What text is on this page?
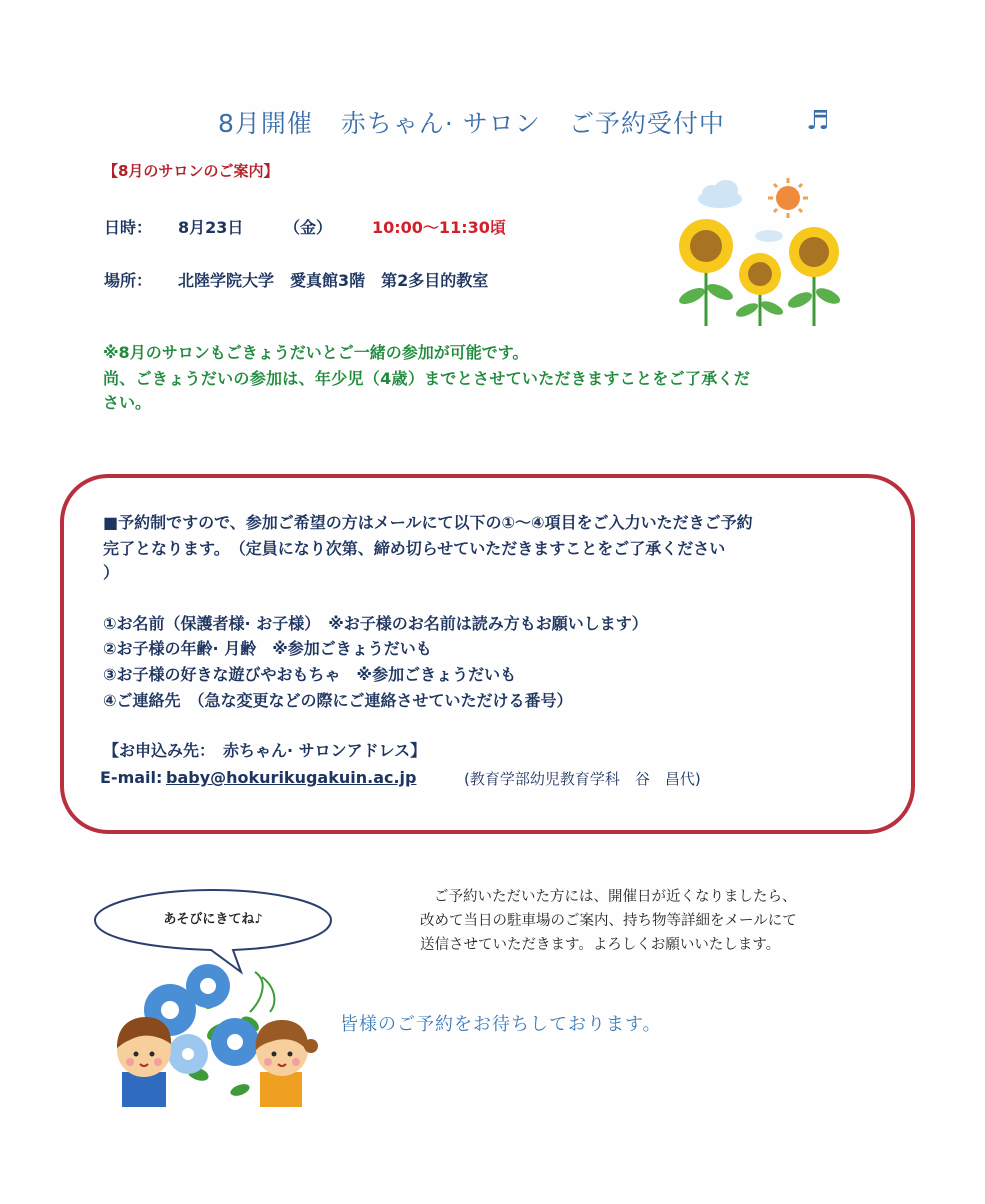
8月開催 赤ちゃん· サロン ご予約受付中	♬
【8月のサロンのご案内】
日時： 8月23日	（金） 10:00～11:30頃
場所： 北陸学院大学　愛真館3階　第2多目的教室
※8月のサロンもごきょうだいとご一緒の参加が可能です。
尚、ごきょうだいの参加は、年少児（4歳）までとさせていただきますことをご了承くだ
さい。
■予約制ですので、参加ご希望の方はメールにて以下の①～④項目をご入力いただきご予約
完了となります。　（定員になり次第、締め切らせていただきますことをご了承ください
）
①お名前（保護者様· お子様）　※お子様のお名前は読み方もお願いします）
②お子様の年齢· 月齢　※参加ごきょうだいも
③お子様の好きな遊びやおもちゃ　※参加ごきょうだいも
④ご連絡先　（急な変更などの際にご連絡させていただける番号）
【お申込み先：　赤ちゃん· サロンアドレス】
E-mail: baby@hokurikugakuin.ac.jp	(教育学部幼児教育学科　谷　昌代)
ご予約いただいた方には、開催日が近くなりましたら、
改めて当日の駐車場のご案内、持ち物等詳細をメールにて
送信させていただきます。よろしくお願いいたします。
皆様のご予約をお待ちしております。
あそびにきてね♪
